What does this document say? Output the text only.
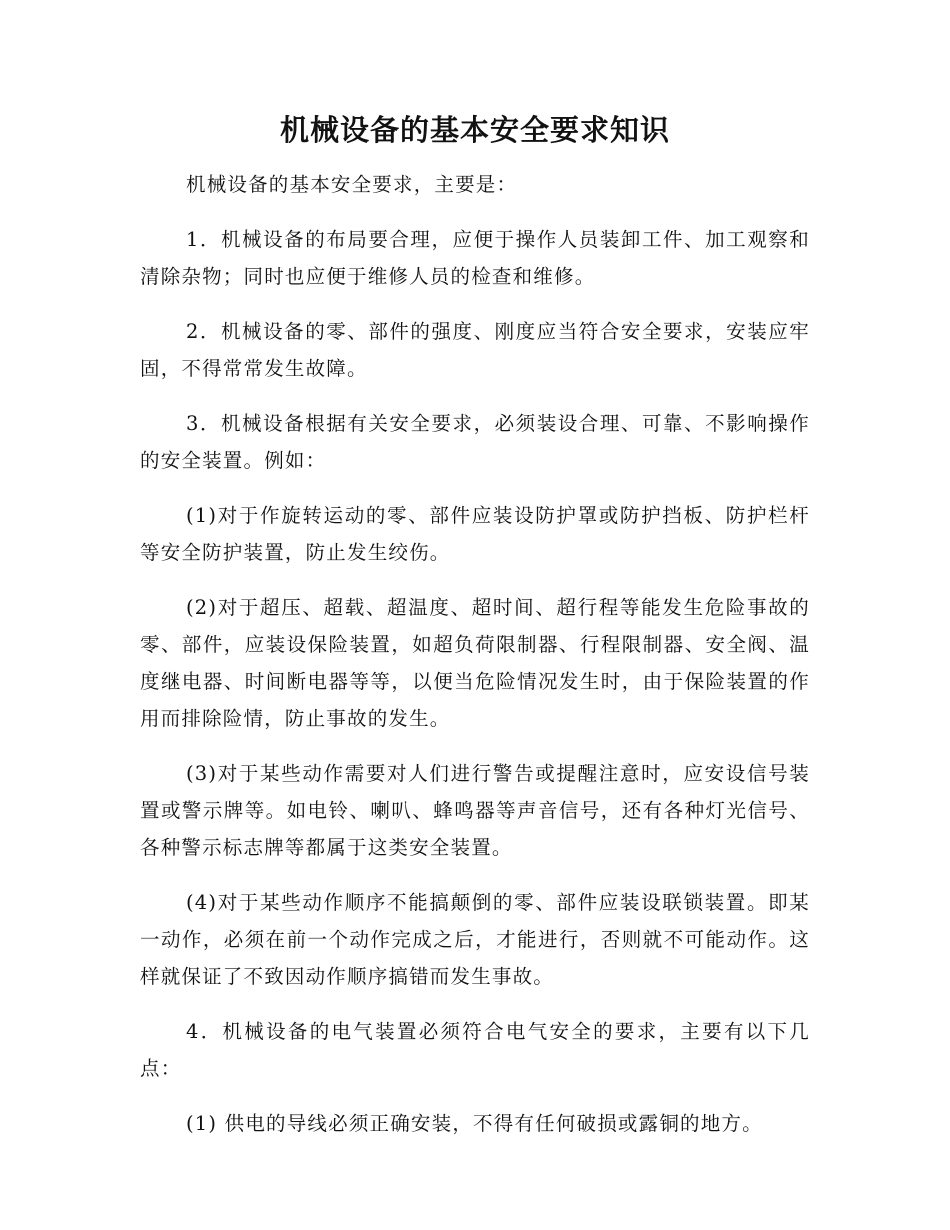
机械设备的基本安全要求知识

机械设备的基本安全要求，主要是：

1．机械设备的布局要合理，应便于操作人员装卸工件、加工观察和清除杂物；同时也应便于维修人员的检查和维修。

2．机械设备的零、部件的强度、刚度应当符合安全要求，安装应牢固，不得常常发生故障。

3．机械设备根据有关安全要求，必须装设合理、可靠、不影响操作的安全装置。例如：

(1)对于作旋转运动的零、部件应装设防护罩或防护挡板、防护栏杆等安全防护装置，防止发生绞伤。

(2)对于超压、超载、超温度、超时间、超行程等能发生危险事故的零、部件，应装设保险装置，如超负荷限制器、行程限制器、安全阀、温度继电器、时间断电器等等，以便当危险情况发生时，由于保险装置的作用而排除险情，防止事故的发生。

(3)对于某些动作需要对人们进行警告或提醒注意时，应安设信号装置或警示牌等。如电铃、喇叭、蜂鸣器等声音信号，还有各种灯光信号、各种警示标志牌等都属于这类安全装置。

(4)对于某些动作顺序不能搞颠倒的零、部件应装设联锁装置。即某一动作，必须在前一个动作完成之后，才能进行，否则就不可能动作。这样就保证了不致因动作顺序搞错而发生事故。

4．机械设备的电气装置必须符合电气安全的要求，主要有以下几点：

(1) 供电的导线必须正确安装，不得有任何破损或露铜的地方。
